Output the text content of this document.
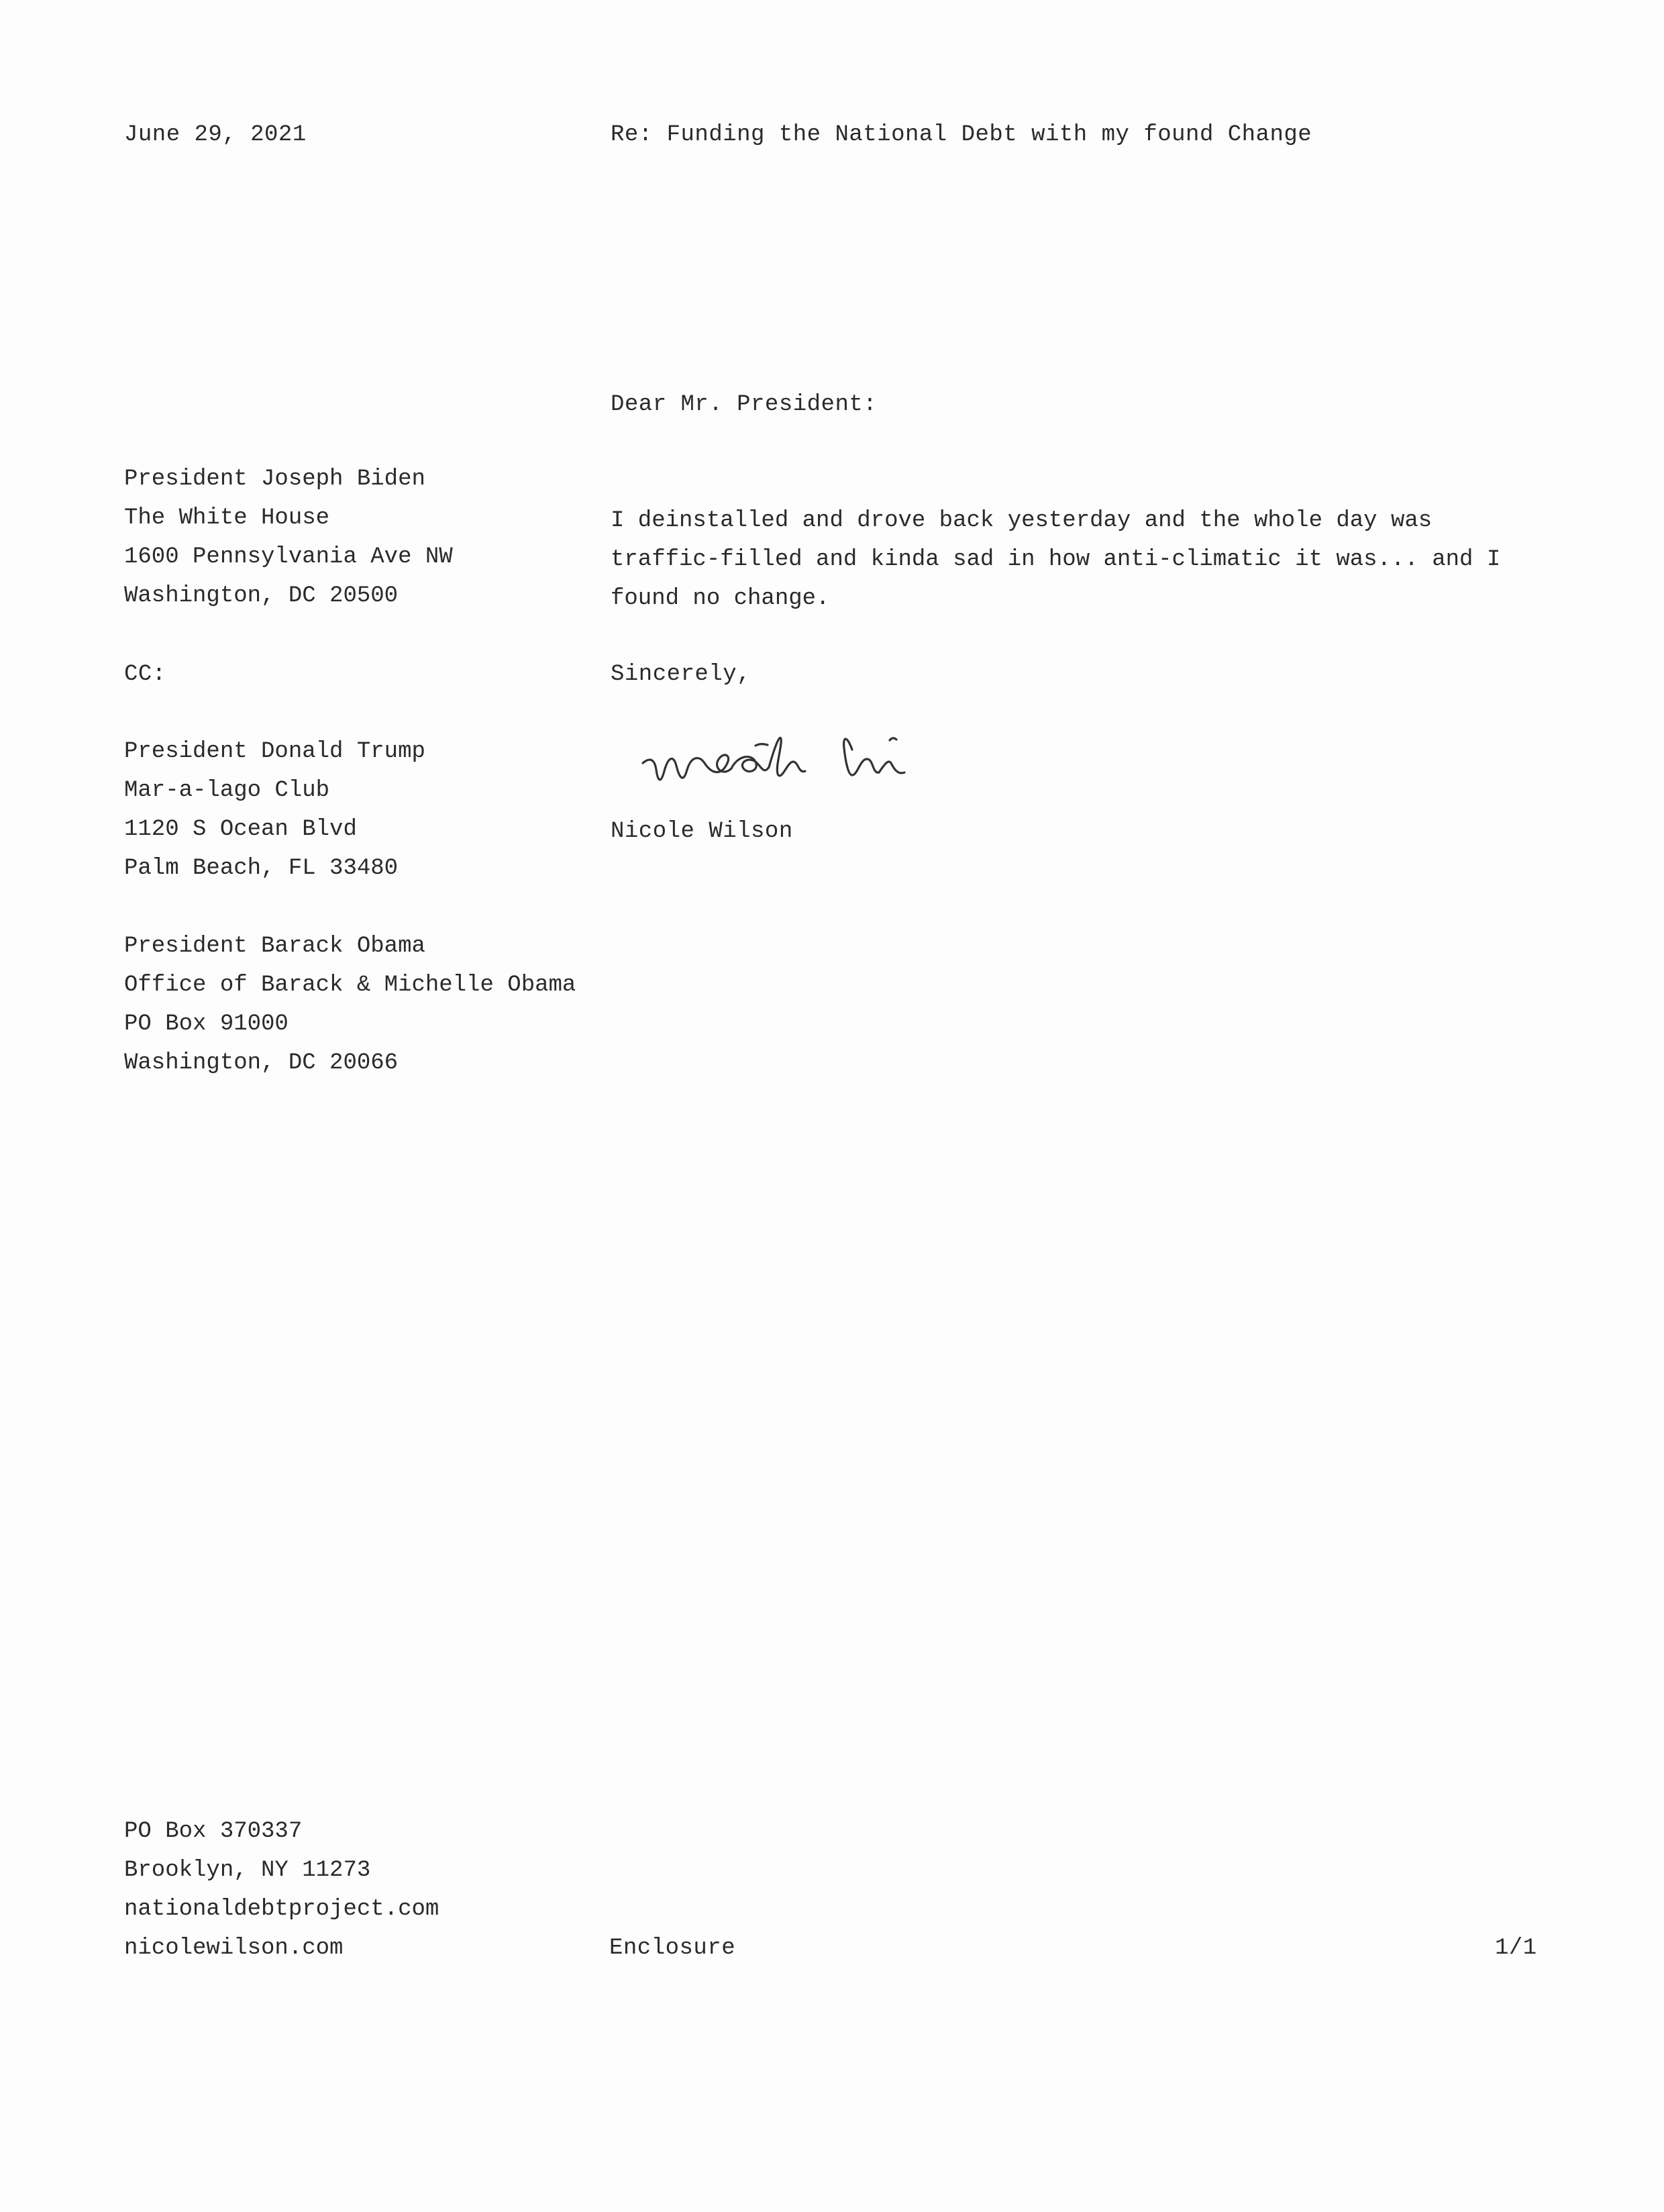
June 29, 2021	Re: Funding the National Debt with my found Change
Dear Mr. President:
President Joseph Biden
The White House
1600 Pennsylvania Ave NW
Washington, DC 20500
I deinstalled and drove back yesterday and the whole day was
traffic-filled and kinda sad in how anti-climatic it was... and I
found no change.
CC:	Sincerely,
President Donald Trump
Mar-a-lago Club
1120 S Ocean Blvd
Palm Beach, FL 33480
Nicole Wilson
President Barack Obama
Office of Barack & Michelle Obama
PO Box 91000
Washington, DC 20066
PO Box 370337
Brooklyn, NY 11273
nationaldebtproject.com
nicolewilson.com	Enclosure	1/1
